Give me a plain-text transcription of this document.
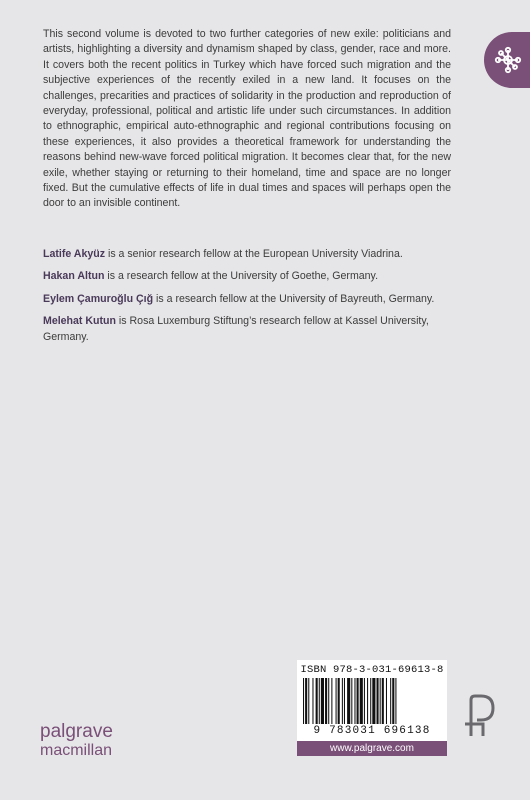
This second volume is devoted to two further categories of new exile: politicians and artists, highlighting a diversity and dynamism shaped by class, gender, race and more. It covers both the recent politics in Turkey which have forced such migration and the subjective experiences of the recently exiled in a new land. It focuses on the challenges, precarities and practices of solidarity in the production and reproduction of everyday, professional, political and artistic life under such circumstances. In addition to ethnographic, empirical auto-ethnographic and regional contributions focusing on these experiences, it also provides a theoretical framework for understanding the reasons behind new-wave forced political migration. It becomes clear that, for the new exile, whether staying or returning to their homeland, time and space are no longer fixed. But the cumulative effects of life in dual times and spaces will perhaps open the door to an invisible continent.

Latife Akyüz is a senior research fellow at the European University Viadrina.

Hakan Altun is a research fellow at the University of Goethe, Germany.

Eylem Çamuroğlu Çığ is a research fellow at the University of Bayreuth, Germany.

Melehat Kutun is Rosa Luxemburg Stiftung’s research fellow at Kassel University, Germany.

ISBN 978-3-031-69613-8
9 783031 696138
www.palgrave.com
palgrave
macmillan
